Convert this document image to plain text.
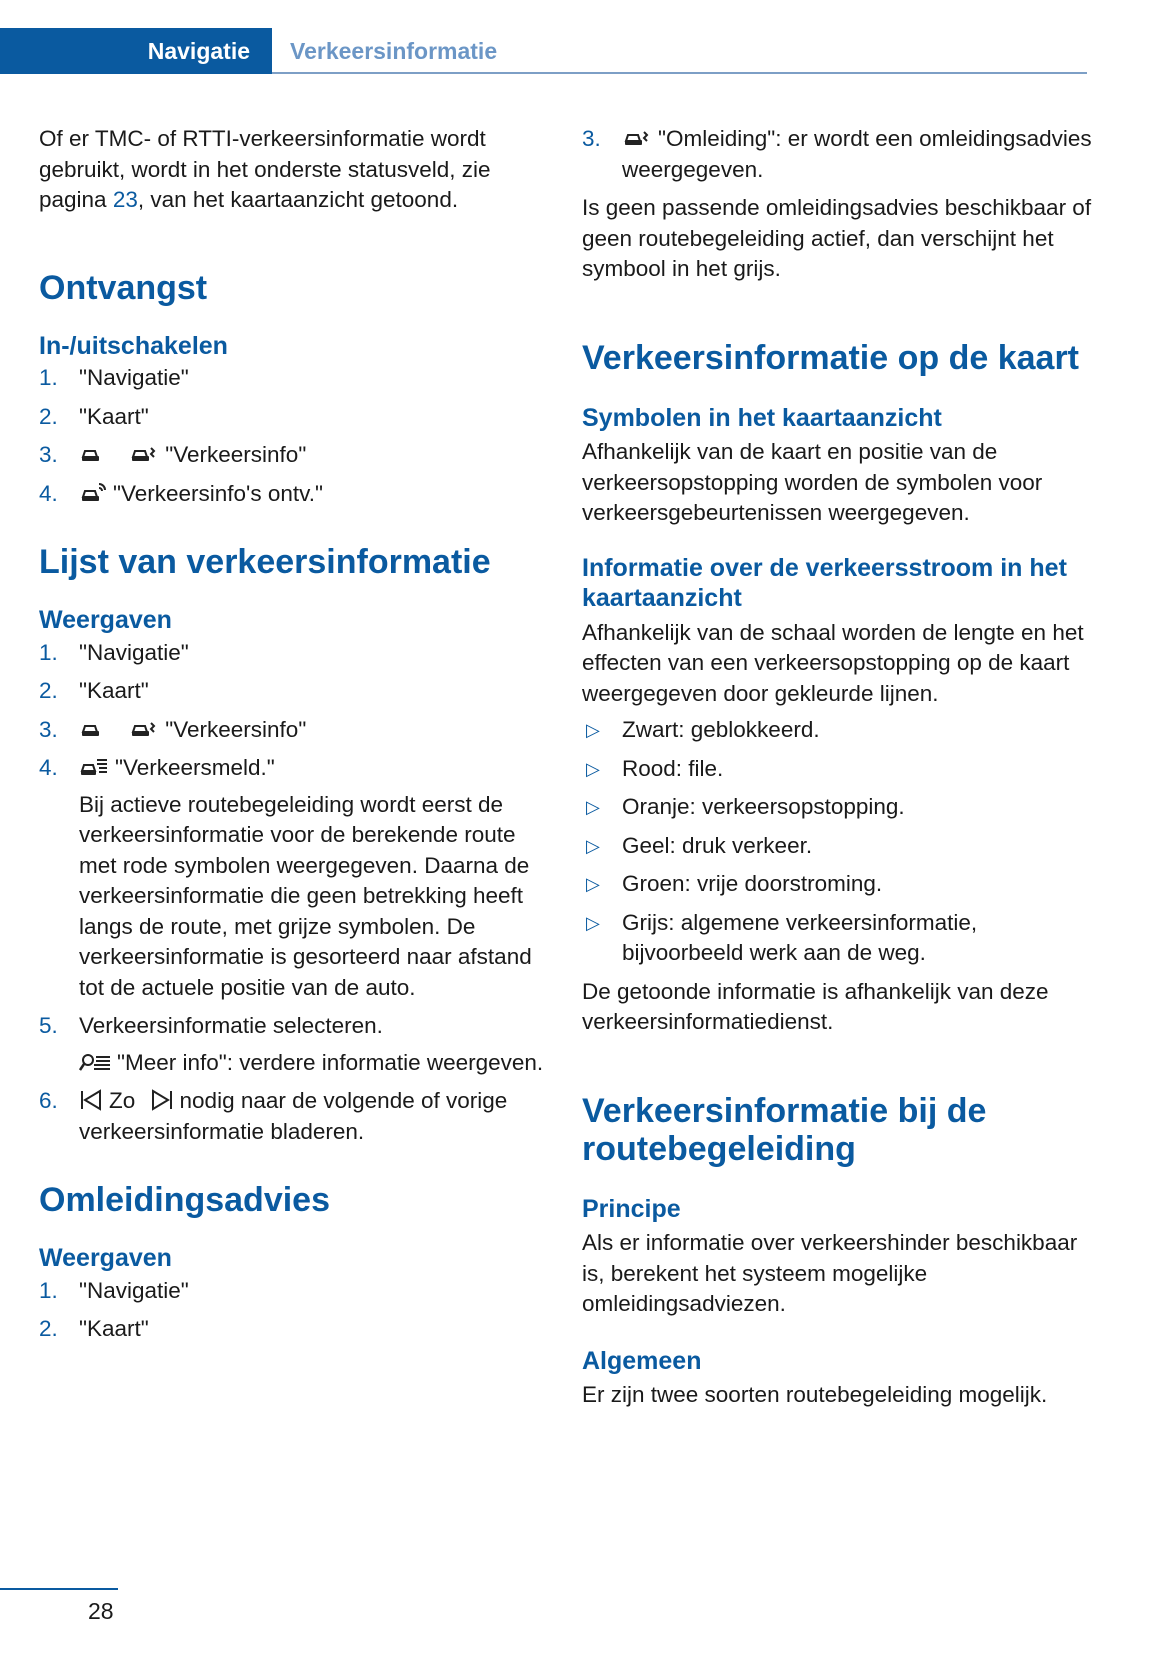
Navigatie	Verkeersinformatie

Of er TMC- of RTTI-verkeersinformatie wordt gebruikt, wordt in het onderste statusveld, zie pagina 23, van het kaartaanzicht getoond.

Ontvangst
In-/uitschakelen
1. "Navigatie"
2. "Kaart"
3.	"Verkeersinfo"
4. "Verkeersinfo's ontv."
Lijst van verkeersinformatie
Weergaven
1. "Navigatie"
2. "Kaart"
3.	"Verkeersinfo"
4.	"Verkeersmeld."

Bij actieve routebegeleiding wordt eerst de verkeersinformatie voor de berekende route met rode symbolen weergegeven. Daarna de verkeersinformatie die geen betrekking heeft langs de route, met grijze symbolen. De verkeersinformatie is gesorteerd naar afstand tot de actuele positie van de auto.

5. Verkeersinformatie selecteren.

"Meer info": verdere informatie weergeven.

6. Zo nodig naar de volgende of vorige verkeersinformatie bladeren.
Omleidingsadvies
Weergaven
1. "Navigatie"
2. "Kaart"
3.	"Omleiding": er wordt een omleidingsadvies weergegeven.

Is geen passende omleidingsadvies beschikbaar of geen routebegeleiding actief, dan verschijnt het symbool in het grijs.

Verkeersinformatie op de kaart
Symbolen in het kaartaanzicht

Afhankelijk van de kaart en positie van de verkeersopstopping worden de symbolen voor verkeersgebeurtenissen weergegeven.

Informatie over de verkeersstroom in het kaartaanzicht

Afhankelijk van de schaal worden de lengte en het effecten van een verkeersopstopping op de kaart weergegeven door gekleurde lijnen.

▷ Zwart: geblokkeerd.
▷ Rood: file.
▷ Oranje: verkeersopstopping.
▷ Geel: druk verkeer.
▷ Groen: vrije doorstroming.
▷ Grijs: algemene verkeersinformatie, bijvoorbeeld werk aan de weg.

De getoonde informatie is afhankelijk van deze verkeersinformatiedienst.

Verkeersinformatie bij de routebegeleiding
Principe

Als er informatie over verkeershinder beschikbaar is, berekent het systeem mogelijke omleidingsadviezen.

Algemeen

Er zijn twee soorten routebegeleiding mogelijk.

28
